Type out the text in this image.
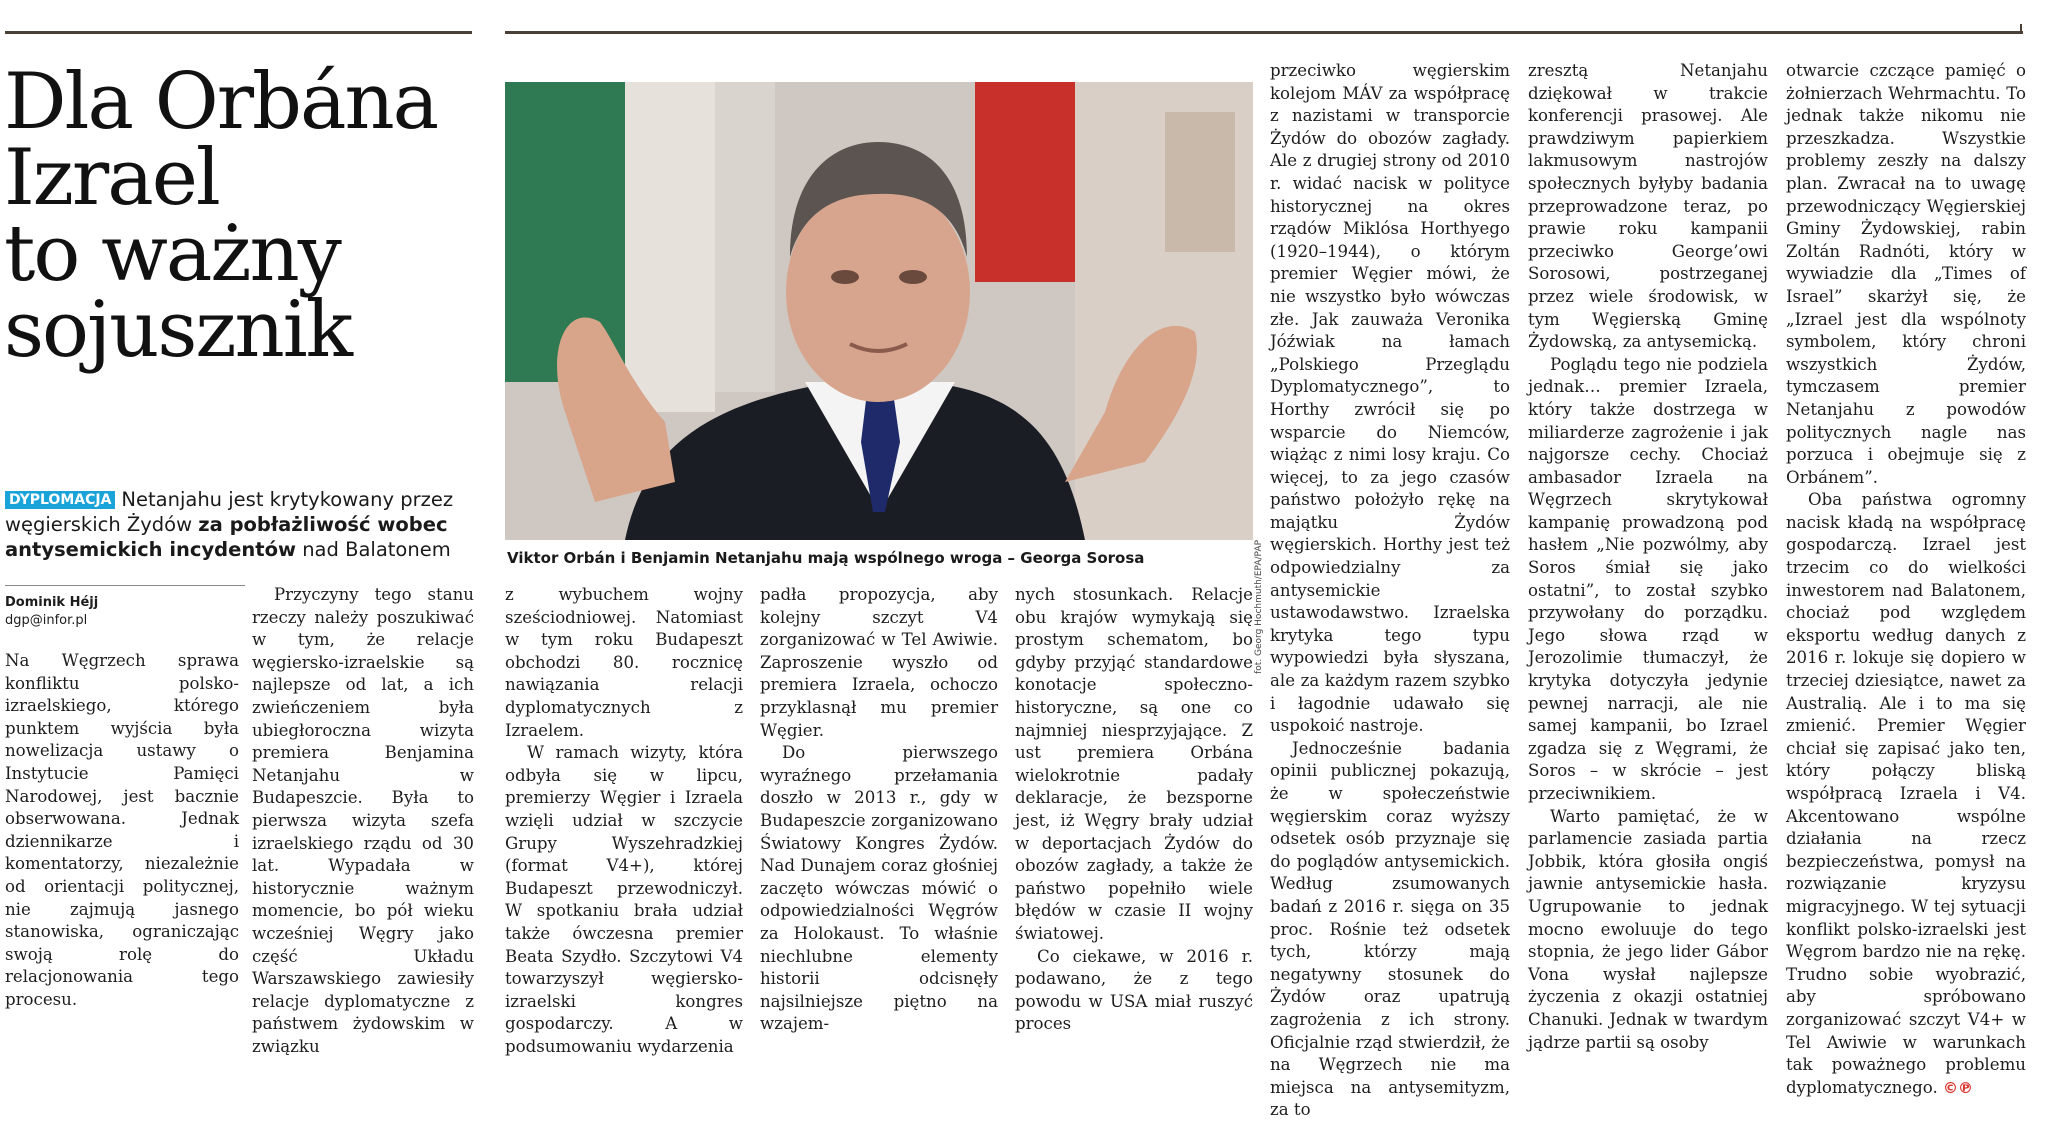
Dla Orbána
Izrael
to ważny
sojusznik
DYPLOMACJA Netanjahu jest krytykowany przez węgierskich Żydów za pobłażliwość wobec antysemickich incydentów nad Balatonem
Dominik Héjj
dgp@infor.pl	fot. Georg Hochmuth/EPA/PAP
Viktor Orbán i Benjamin Netanjahu mają wspólnego wroga – Georga Sorosa

Na Węgrzech sprawa konfliktu polsko-izraelskiego, którego punktem wyjścia była nowelizacja ustawy o Instytucie Pamięci Narodowej, jest bacznie obserwowana. Jednak dziennikarze i komentatorzy, niezależnie od orientacji politycznej, nie zajmują jasnego stanowiska, ograniczając swoją rolę do relacjonowania tego procesu.

Przyczyny tego stanu rzeczy należy poszukiwać w tym, że relacje węgiersko-izraelskie są najlepsze od lat, a ich zwieńczeniem była ubiegłoroczna wizyta premiera Benjamina Netanjahu w Budapeszcie. Była to pierwsza wizyta szefa izraelskiego rządu od 30 lat. Wypadała w historycznie ważnym momencie, bo pół wieku wcześniej Węgry jako część Układu Warszawskiego zawiesiły relacje dyplomatyczne z państwem żydowskim w związku

z wybuchem wojny sześciodniowej. Natomiast w tym roku Budapeszt obchodzi 80. rocznicę nawiązania relacji dyplomatycznych z Izraelem.

W ramach wizyty, która odbyła się w lipcu, premierzy Węgier i Izraela wzięli udział w szczycie Grupy Wyszehradzkiej (format V4+), której Budapeszt przewodniczył. W spotkaniu brała udział także ówczesna premier Beata Szydło. Szczytowi V4 towarzyszył węgiersko-izraelski kongres gospodarczy. A w podsumowaniu wydarzenia

padła propozycja, aby kolejny szczyt V4 zorganizować w Tel Awiwie. Zaproszenie wyszło od premiera Izraela, ochoczo przyklasnął mu premier Węgier.

Do pierwszego wyraźnego przełamania doszło w 2013 r., gdy w Budapeszcie zorganizowano Światowy Kongres Żydów. Nad Dunajem coraz głośniej zaczęto wówczas mówić o odpowiedzialności Węgrów za Holokaust. To właśnie niechlubne elementy historii odcisnęły najsilniejsze piętno na wzajem-

nych stosunkach. Relacje obu krajów wymykają się prostym schematom, bo gdyby przyjąć standardowe konotacje społeczno-historyczne, są one co najmniej niesprzyjające. Z ust premiera Orbána wielokrotnie padały deklaracje, że bezsporne jest, iż Węgry brały udział w deportacjach Żydów do obozów zagłady, a także że państwo popełniło wiele błędów w czasie II wojny światowej.

Co ciekawe, w 2016 r. podawano, że z tego powodu w USA miał ruszyć proces

przeciwko węgierskim kolejom MÁV za współpracę z nazistami w transporcie Żydów do obozów zagłady. Ale z drugiej strony od 2010 r. widać nacisk w polityce historycznej na okres rządów Miklósa Horthyego (1920–1944), o którym premier Węgier mówi, że nie wszystko było wówczas złe. Jak zauważa Veronika Jóźwiak na łamach „Polskiego Przeglądu Dyplomatycznego”, to Horthy zwrócił się po wsparcie do Niemców, wiążąc z nimi losy kraju. Co więcej, to za jego czasów państwo położyło rękę na majątku Żydów węgierskich. Horthy jest też odpowiedzialny za antysemickie ustawodawstwo. Izraelska krytyka tego typu wypowiedzi była słyszana, ale za każdym razem szybko i łagodnie udawało się uspokoić nastroje.

Jednocześnie badania opinii publicznej pokazują, że w społeczeństwie węgierskim coraz wyższy odsetek osób przyznaje się do poglądów antysemickich. Według zsumowanych badań z 2016 r. sięga on 35 proc. Rośnie też odsetek tych, którzy mają negatywny stosunek do Żydów oraz upatrują zagrożenia z ich strony. Oficjalnie rząd stwierdził, że na Węgrzech nie ma miejsca na antysemityzm, za to

zresztą Netanjahu dziękował w trakcie konferencji prasowej. Ale prawdziwym papierkiem lakmusowym nastrojów społecznych byłyby badania przeprowadzone teraz, po prawie roku kampanii przeciwko George’owi Sorosowi, postrzeganej przez wiele środowisk, w tym Węgierską Gminę Żydowską, za antysemicką.

Poglądu tego nie podziela jednak… premier Izraela, który także dostrzega w miliarderze zagrożenie i jak najgorsze cechy. Chociaż ambasador Izraela na Węgrzech skrytykował kampanię prowadzoną pod hasłem „Nie pozwólmy, aby Soros śmiał się jako ostatni”, to został szybko przywołany do porządku. Jego słowa rząd w Jerozolimie tłumaczył, że krytyka dotyczyła jedynie pewnej narracji, ale nie samej kampanii, bo Izrael zgadza się z Węgrami, że Soros – w skrócie – jest przeciwnikiem.

Warto pamiętać, że w parlamencie zasiada partia Jobbik, która głosiła ongiś jawnie antysemickie hasła. Ugrupowanie to jednak mocno ewoluuje do tego stopnia, że jego lider Gábor Vona wysłał najlepsze życzenia z okazji ostatniej Chanuki. Jednak w twardym jądrze partii są osoby

otwarcie czczące pamięć o żołnierzach Wehrmachtu. To jednak także nikomu nie przeszkadza. Wszystkie problemy zeszły na dalszy plan. Zwracał na to uwagę przewodniczący Węgierskiej Gminy Żydowskiej, rabin Zoltán Radnóti, który w wywiadzie dla „Times of Israel” skarżył się, że „Izrael jest dla wspólnoty symbolem, który chroni wszystkich Żydów, tymczasem premier Netanjahu z powodów politycznych nagle nas porzuca i obejmuje się z Orbánem”.

Oba państwa ogromny nacisk kładą na współpracę gospodarczą. Izrael jest trzecim co do wielkości inwestorem nad Balatonem, chociaż pod względem eksportu według danych z 2016 r. lokuje się dopiero w trzeciej dziesiątce, nawet za Australią. Ale i to ma się zmienić. Premier Węgier chciał się zapisać jako ten, który połączy bliską współpracą Izraela i V4. Akcentowano wspólne działania na rzecz bezpieczeństwa, pomysł na rozwiązanie kryzysu migracyjnego. W tej sytuacji konflikt polsko-izraelski jest Węgrom bardzo nie na rękę. Trudno sobie wyobrazić, aby spróbowano zorganizować szczyt V4+ w Tel Awiwie w warunkach tak poważnego problemu dyplomatycznego. ©℗
